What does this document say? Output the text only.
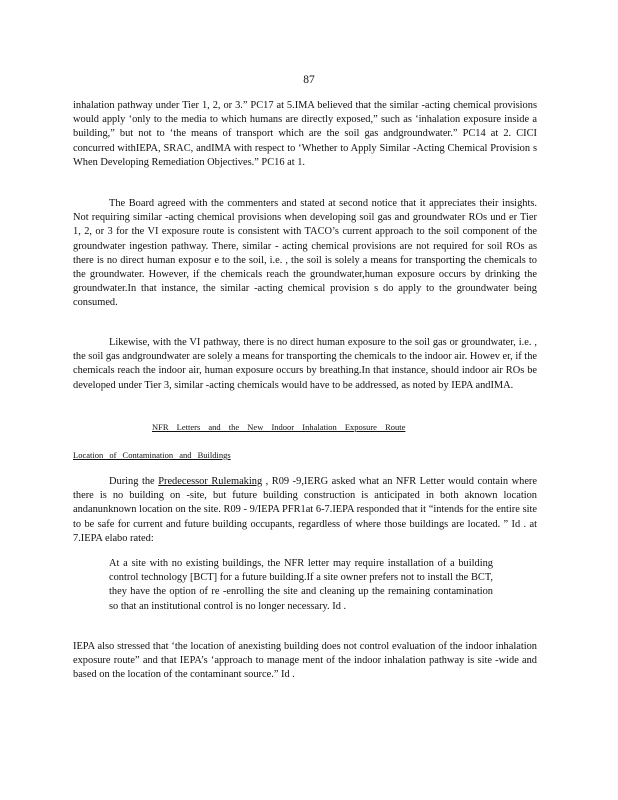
87

inhalation pathway under Tier 1, 2, or 3.” PC17 at 5.IMA believed that the similar -acting chemical provisions would apply ‘only to the media to which humans are directly exposed,” such as ‘inhalation exposure inside a building,” but not to ‘the means of transport which are the soil gas andgroundwater.” PC14 at 2. CICI concurred withIEPA, SRAC, andIMA with respect to ‘Whether to Apply Similar -Acting Chemical Provision s When Developing Remediation Objectives.” PC16 at 1.

The Board agreed with the commenters and stated at second notice that it appreciates their insights. Not requiring similar -acting chemical provisions when developing soil gas and groundwater ROs und er Tier 1, 2, or 3 for the VI exposure route is consistent with TACO’s current approach to the soil component of the groundwater ingestion pathway. There, similar - acting chemical provisions are not required for soil ROs as there is no direct human exposur e to the soil, i.e. , the soil is solely a means for transporting the chemicals to the groundwater. However, if the chemicals reach the groundwater,human exposure occurs by drinking the groundwater.In that instance, the similar -acting chemical provision s do apply to the groundwater being consumed.

Likewise, with the VI pathway, there is no direct human exposure to the soil gas or groundwater, i.e. , the soil gas andgroundwater are solely a means for transporting the chemicals to the indoor air. Howev er, if the chemicals reach the indoor air, human exposure occurs by breathing.In that instance, should indoor air ROs be developed under Tier 3, similar -acting chemicals would have to be addressed, as noted by IEPA andIMA.

NFR Letters and the New Indoor Inhalation Exposure Route
Location of Contamination and Buildings

During the Predecessor Rulemaking , R09 -9,IERG asked what an NFR Letter would contain where there is no building on -site, but future building construction is anticipated in both aknown location andanunknown location on the site. R09 - 9/IEPA PFR1at 6-7.IEPA responded that it “intends for the entire site to be safe for current and future building occupants, regardless of where those buildings are located. ” Id . at 7.IEPA elabo rated:

At a site with no existing buildings, the NFR letter may require installation of a building control technology [BCT] for a future building.If a site owner prefers not to install the BCT, they have the option of re -enrolling the site and cleaning up the remaining contamination so that an institutional control is no longer necessary. Id .

IEPA also stressed that ‘the location of anexisting building does not control evaluation of the indoor inhalation exposure route” and that IEPA’s ‘approach to manage ment of the indoor inhalation pathway is site -wide and based on the location of the contaminant source.” Id .
